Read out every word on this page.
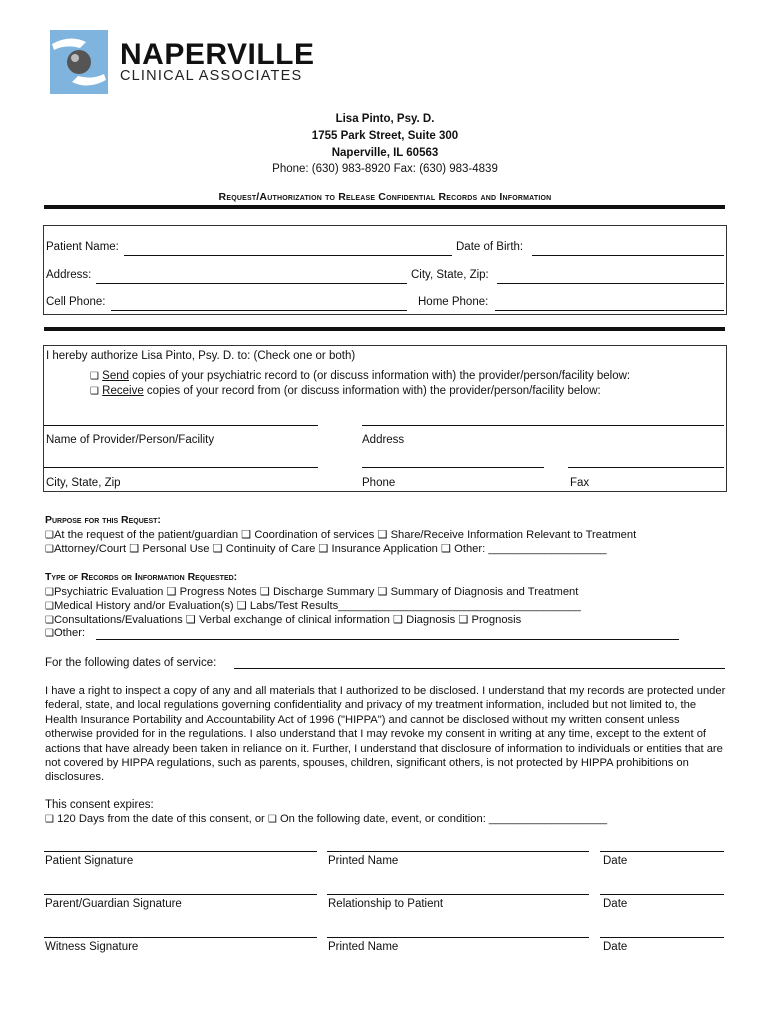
NAPERVILLE
CLINICAL ASSOCIATES
Lisa Pinto, Psy. D.
1755 Park Street, Suite 300
Naperville, IL 60563
Phone: (630) 983-8920 Fax: (630) 983-4839
Request/Authorization to Release Confidential Records and Information
Patient Name:	Date of Birth:
Address:	City, State, Zip:
Cell Phone:	Home Phone:
I hereby authorize Lisa Pinto, Psy. D. to: (Check one or both)
❑ Send copies of your psychiatric record to (or discuss information with) the provider/person/facility below:
❑ Receive copies of your record from (or discuss information with) the provider/person/facility below:
Name of Provider/Person/Facility	Address
City, State, Zip	Phone	Fax
Purpose for this Request:
❑At the request of the patient/guardian ❑ Coordination of services ❑ Share/Receive Information Relevant to Treatment
❑Attorney/Court ❑ Personal Use ❑ Continuity of Care ❑ Insurance Application ❑ Other: ___________________
Type of Records or Information Requested:
❑Psychiatric Evaluation ❑ Progress Notes ❑ Discharge Summary ❑ Summary of Diagnosis and Treatment
❑Medical History and/or Evaluation(s) ❑ Labs/Test Results_______________________________________
❑Consultations/Evaluations ❑ Verbal exchange of clinical information ❑ Diagnosis ❑ Prognosis
❑Other:
For the following dates of service:
I have a right to inspect a copy of any and all materials that I authorized to be disclosed. I understand that my records are protected under federal, state, and local regulations governing confidentiality and privacy of my treatment information, included but not limited to, the Health Insurance Portability and Accountability Act of 1996 ("HIPPA") and cannot be disclosed without my written consent unless otherwise provided for in the regulations. I also understand that I may revoke my consent in writing at any time, except to the extent of actions that have already been taken in reliance on it. Further, I understand that disclosure of information to individuals or entities that are not covered by HIPPA regulations, such as parents, spouses, children, significant others, is not protected by HIPPA prohibitions on disclosures.
This consent expires:
❑ 120 Days from the date of this consent, or ❑ On the following date, event, or condition: ___________________
Patient Signature	Printed Name	Date
Parent/Guardian Signature	Relationship to Patient	Date
Witness Signature	Printed Name	Date
